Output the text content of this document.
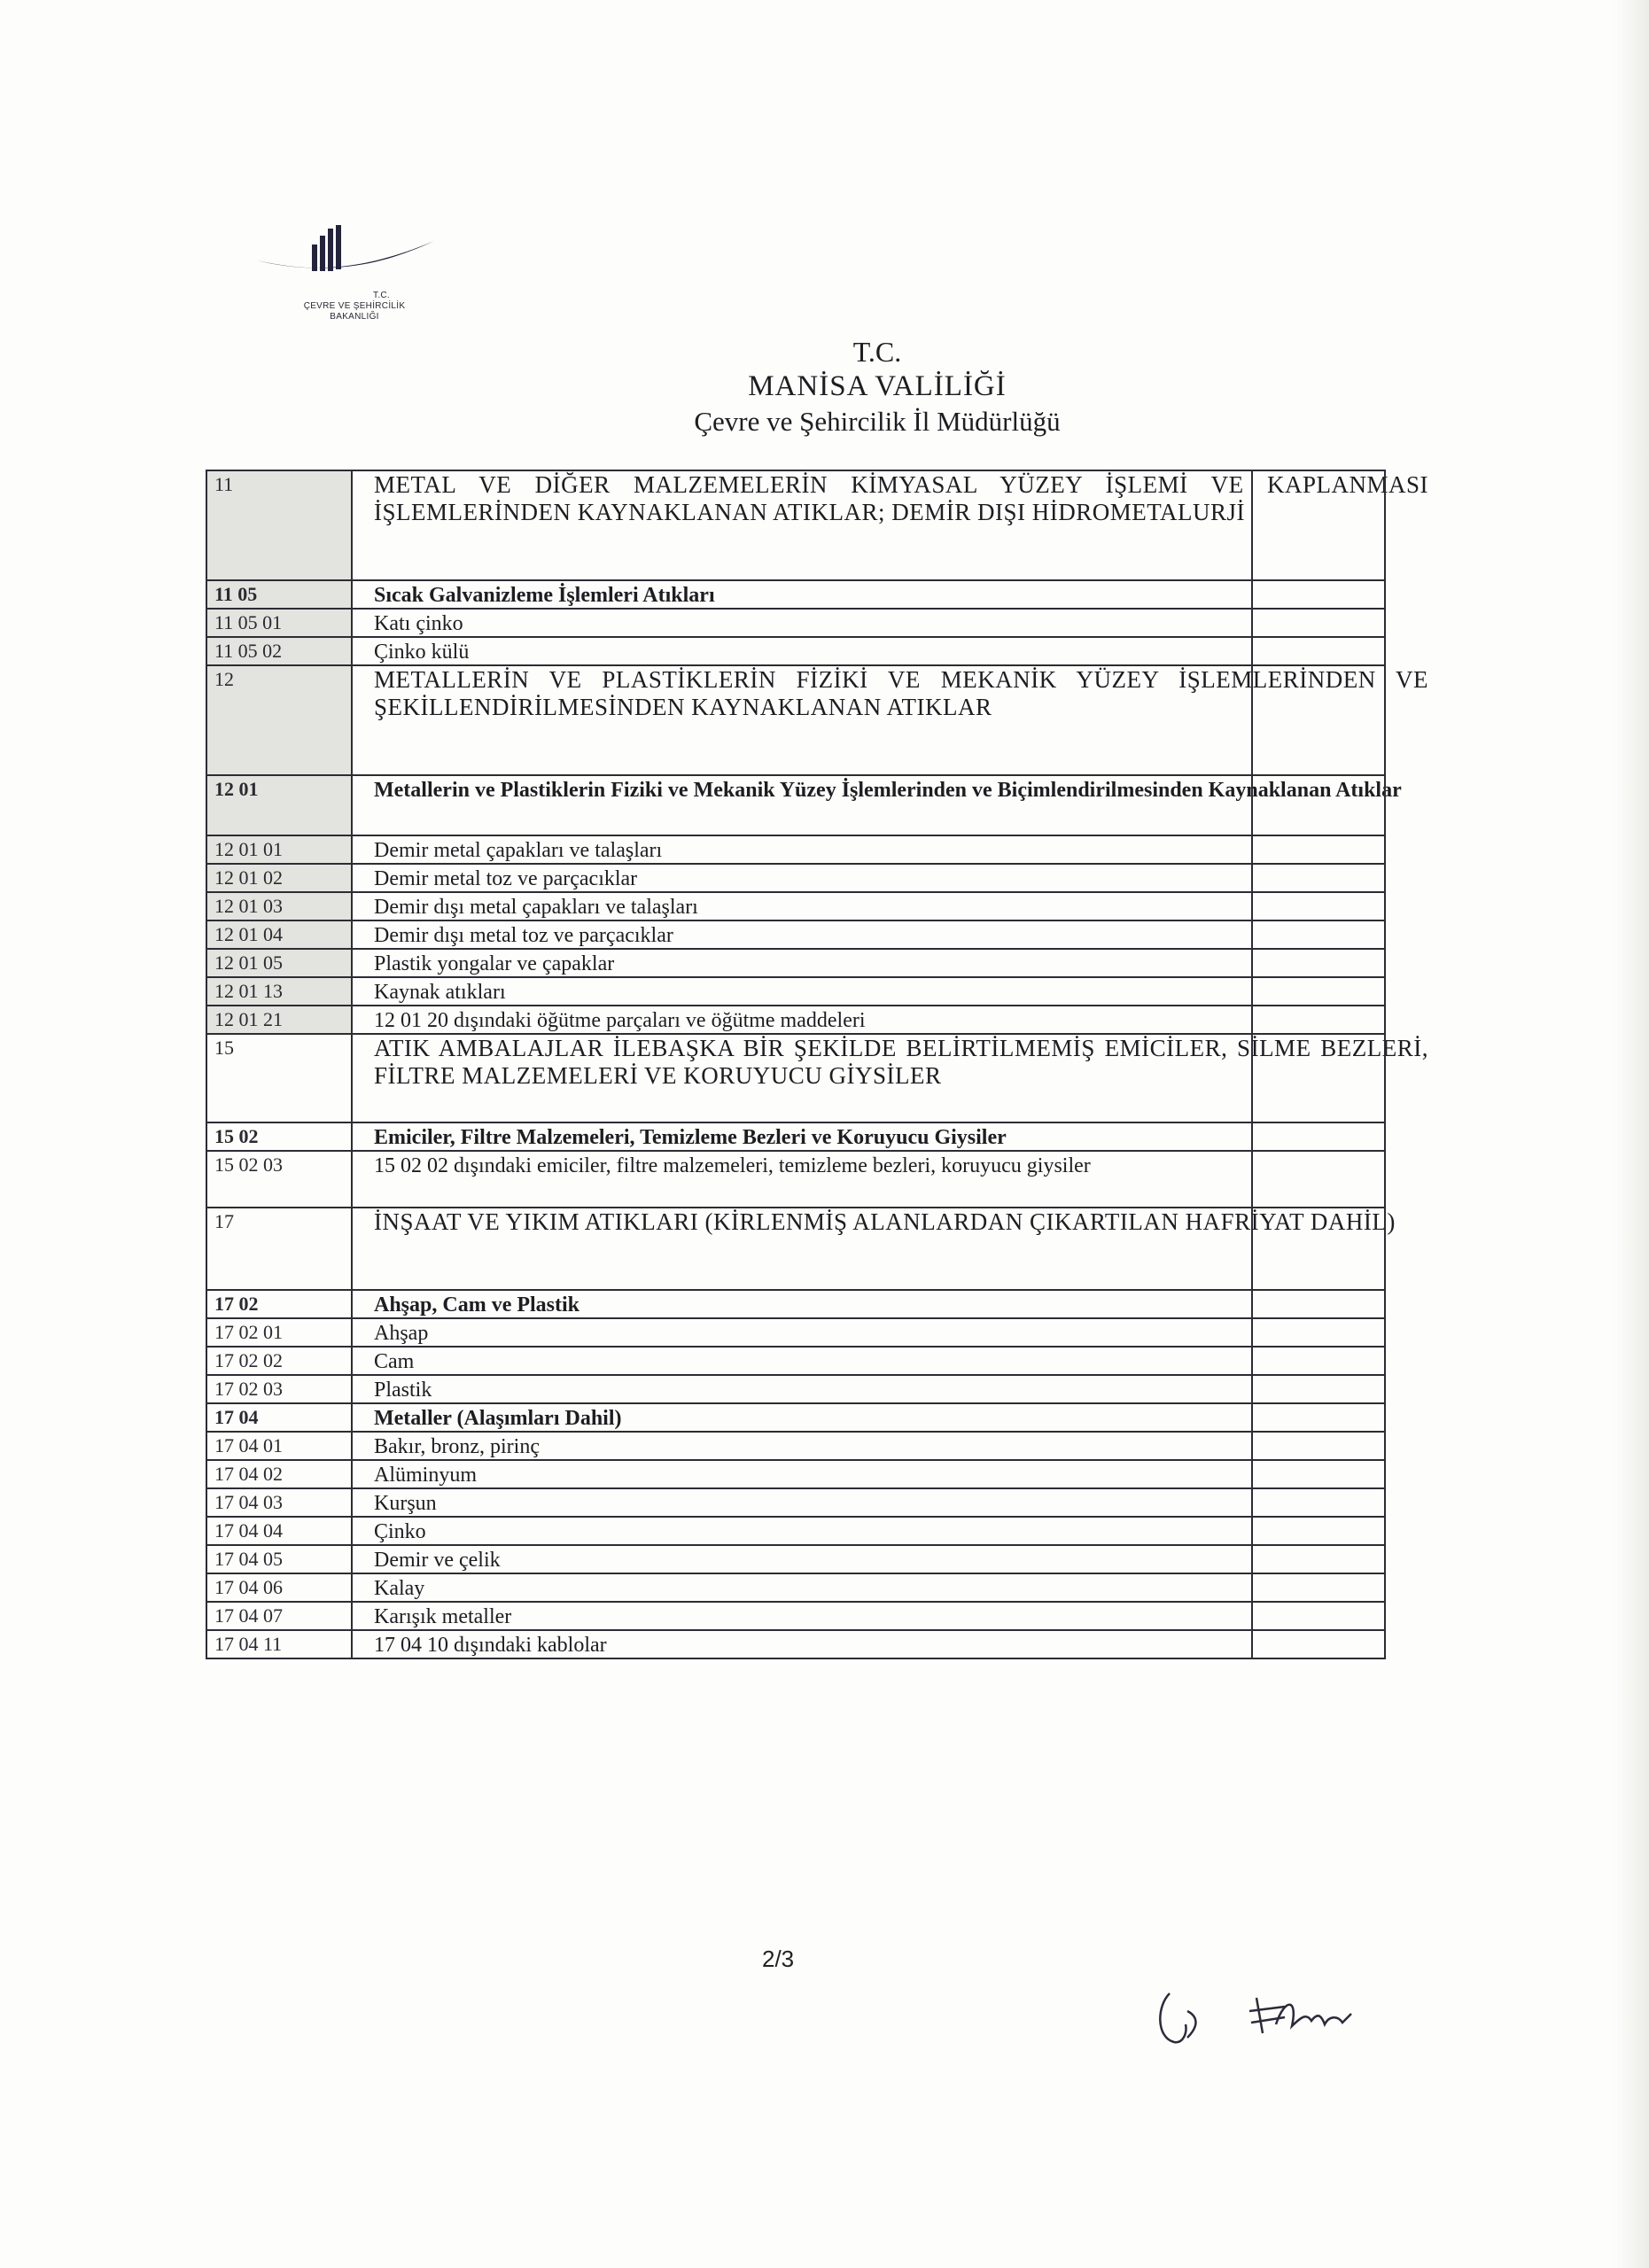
T.C.
ÇEVRE VE ŞEHİRCİLİK
BAKANLIĞI
T.C.
MANİSA VALİLİĞİ
Çevre ve Şehircilik İl Müdürlüğü
11	METAL VE DİĞER MALZEMELERİN KİMYASAL YÜZEY İŞLEMİ VE KAPLANMASI İŞLEMLERİNDEN KAYNAKLANAN ATIKLAR; DEMİR DIŞI HİDROMETALURJİ
11 05	Sıcak Galvanizleme İşlemleri Atıkları
11 05 01	Katı çinko
11 05 02	Çinko külü
12	METALLERİN VE PLASTİKLERİN FİZİKİ VE MEKANİK YÜZEY İŞLEMLERİNDEN VE ŞEKİLLENDİRİLMESİNDEN KAYNAKLANAN ATIKLAR
12 01	Metallerin ve Plastiklerin Fiziki ve Mekanik Yüzey İşlemlerinden ve Biçimlendirilmesinden Kaynaklanan Atıklar
12 01 01	Demir metal çapakları ve talaşları
12 01 02	Demir metal toz ve parçacıklar
12 01 03	Demir dışı metal çapakları ve talaşları
12 01 04	Demir dışı metal toz ve parçacıklar
12 01 05	Plastik yongalar ve çapaklar
12 01 13	Kaynak atıkları
12 01 21	12 01 20 dışındaki öğütme parçaları ve öğütme maddeleri
15	ATIK AMBALAJLAR İLEBAŞKA BİR ŞEKİLDE BELİRTİLMEMİŞ EMİCİLER, SİLME BEZLERİ, FİLTRE MALZEMELERİ VE KORUYUCU GİYSİLER
15 02	Emiciler, Filtre Malzemeleri, Temizleme Bezleri ve Koruyucu Giysiler
15 02 03	15 02 02 dışındaki emiciler, filtre malzemeleri, temizleme bezleri, koruyucu giysiler
17	İNŞAAT VE YIKIM ATIKLARI (KİRLENMİŞ ALANLARDAN ÇIKARTILAN HAFRİYAT DAHİL)
17 02	Ahşap, Cam ve Plastik
17 02 01	Ahşap
17 02 02	Cam
17 02 03	Plastik
17 04	Metaller (Alaşımları Dahil)
17 04 01	Bakır, bronz, pirinç
17 04 02	Alüminyum
17 04 03	Kurşun
17 04 04	Çinko
17 04 05	Demir ve çelik
17 04 06	Kalay
17 04 07	Karışık metaller
17 04 11	17 04 10 dışındaki kablolar
2/3
